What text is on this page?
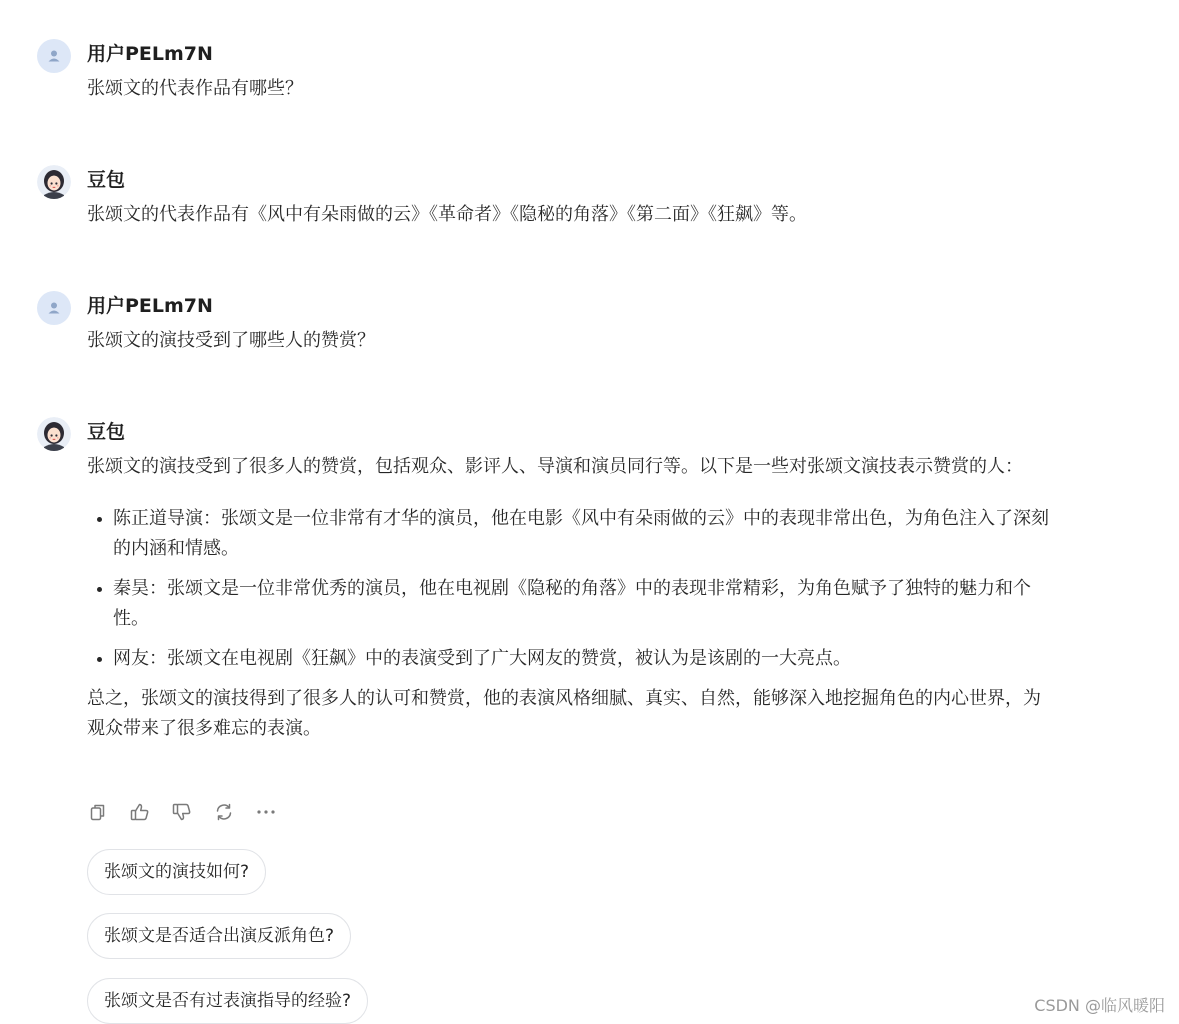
用户PELm7N

张颂文的代表作品有哪些？

豆包

张颂文的代表作品有《风中有朵雨做的云》《革命者》《隐秘的角落》《第二面》《狂飙》等。

用户PELm7N

张颂文的演技受到了哪些人的赞赏？

豆包

张颂文的演技受到了很多人的赞赏，包括观众、影评人、导演和演员同行等。以下是一些对张颂文演技表示赞赏的人：

• 陈正道导演：张颂文是一位非常有才华的演员，他在电影《风中有朵雨做的云》中的表现非常出色，为角色注入了深刻的内涵和情感。
• 秦昊：张颂文是一位非常优秀的演员，他在电视剧《隐秘的角落》中的表现非常精彩，为角色赋予了独特的魅力和个性。
• 网友：张颂文在电视剧《狂飙》中的表演受到了广大网友的赞赏，被认为是该剧的一大亮点。

总之，张颂文的演技得到了很多人的认可和赞赏，他的表演风格细腻、真实、自然，能够深入地挖掘角色的内心世界，为观众带来了很多难忘的表演。

张颂文的演技如何?
张颂文是否适合出演反派角色?
张颂文是否有过表演指导的经验?	CSDN @临风暖阳
